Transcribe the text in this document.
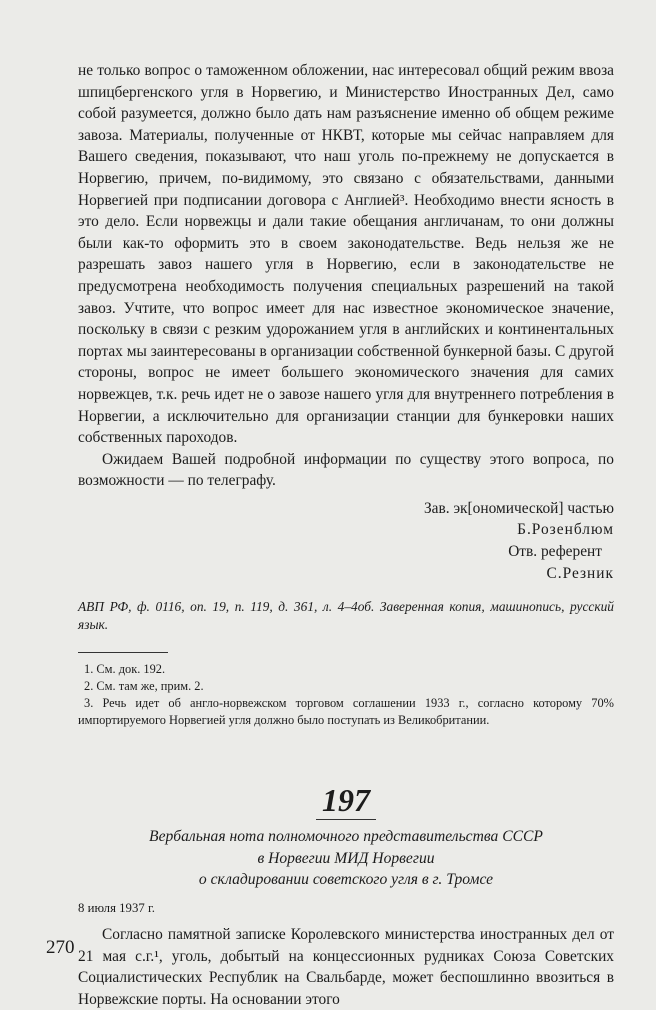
не только вопрос о таможенном обложении, нас интересовал общий режим ввоза шпицбергенского угля в Норвегию, и Министерство Иностранных Дел, само собой разумеется, должно было дать нам разъяснение именно об общем режиме завоза. Материалы, полученные от НКВТ, которые мы сейчас направляем для Вашего сведения, показывают, что наш уголь по-прежнему не допускается в Норвегию, причем, по-видимому, это связано с обязательствами, данными Норвегией при подписании договора с Англией³. Необходимо внести ясность в это дело. Если норвежцы и дали такие обещания англичанам, то они должны были как-то оформить это в своем законодательстве. Ведь нельзя же не разрешать завоз нашего угля в Норвегию, если в законодательстве не предусмотрена необходимость получения специальных разрешений на такой завоз. Учтите, что вопрос имеет для нас известное экономическое значение, поскольку в связи с резким удорожанием угля в английских и континентальных портах мы заинтересованы в организации собственной бункерной базы. С другой стороны, вопрос не имеет большего экономического значения для самих норвежцев, т.к. речь идет не о завозе нашего угля для внутреннего потребления в Норвегии, а исключительно для организации станции для бункеровки наших собственных пароходов.

Ожидаем Вашей подробной информации по существу этого вопроса, по возможности — по телеграфу.

Зав. эк[ономической] частью

Б.Розенблюм

Отв. референт

С.Резник

АВП РФ, ф. 0116, оп. 19, п. 119, д. 361, л. 4–4об. Заверенная копия, машинопись, русский язык.

1. См. док. 192.
2. См. там же, прим. 2.
3. Речь идет об англо-норвежском торговом соглашении 1933 г., согласно которому 70% импортируемого Норвегией угля должно было поступать из Великобритании.

197

Вербальная нота полномочного представительства СССР

в Норвегии МИД Норвегии

о складировании советского угля в г. Тромсе

8 июля 1937 г.

Согласно памятной записке Королевского министерства иностранных дел от 21 мая с.г.¹, уголь, добытый на концессионных рудниках Союза Советских Социалистических Республик на Свальбарде, может беспошлинно ввозиться в Норвежские порты. На основании этого

270
